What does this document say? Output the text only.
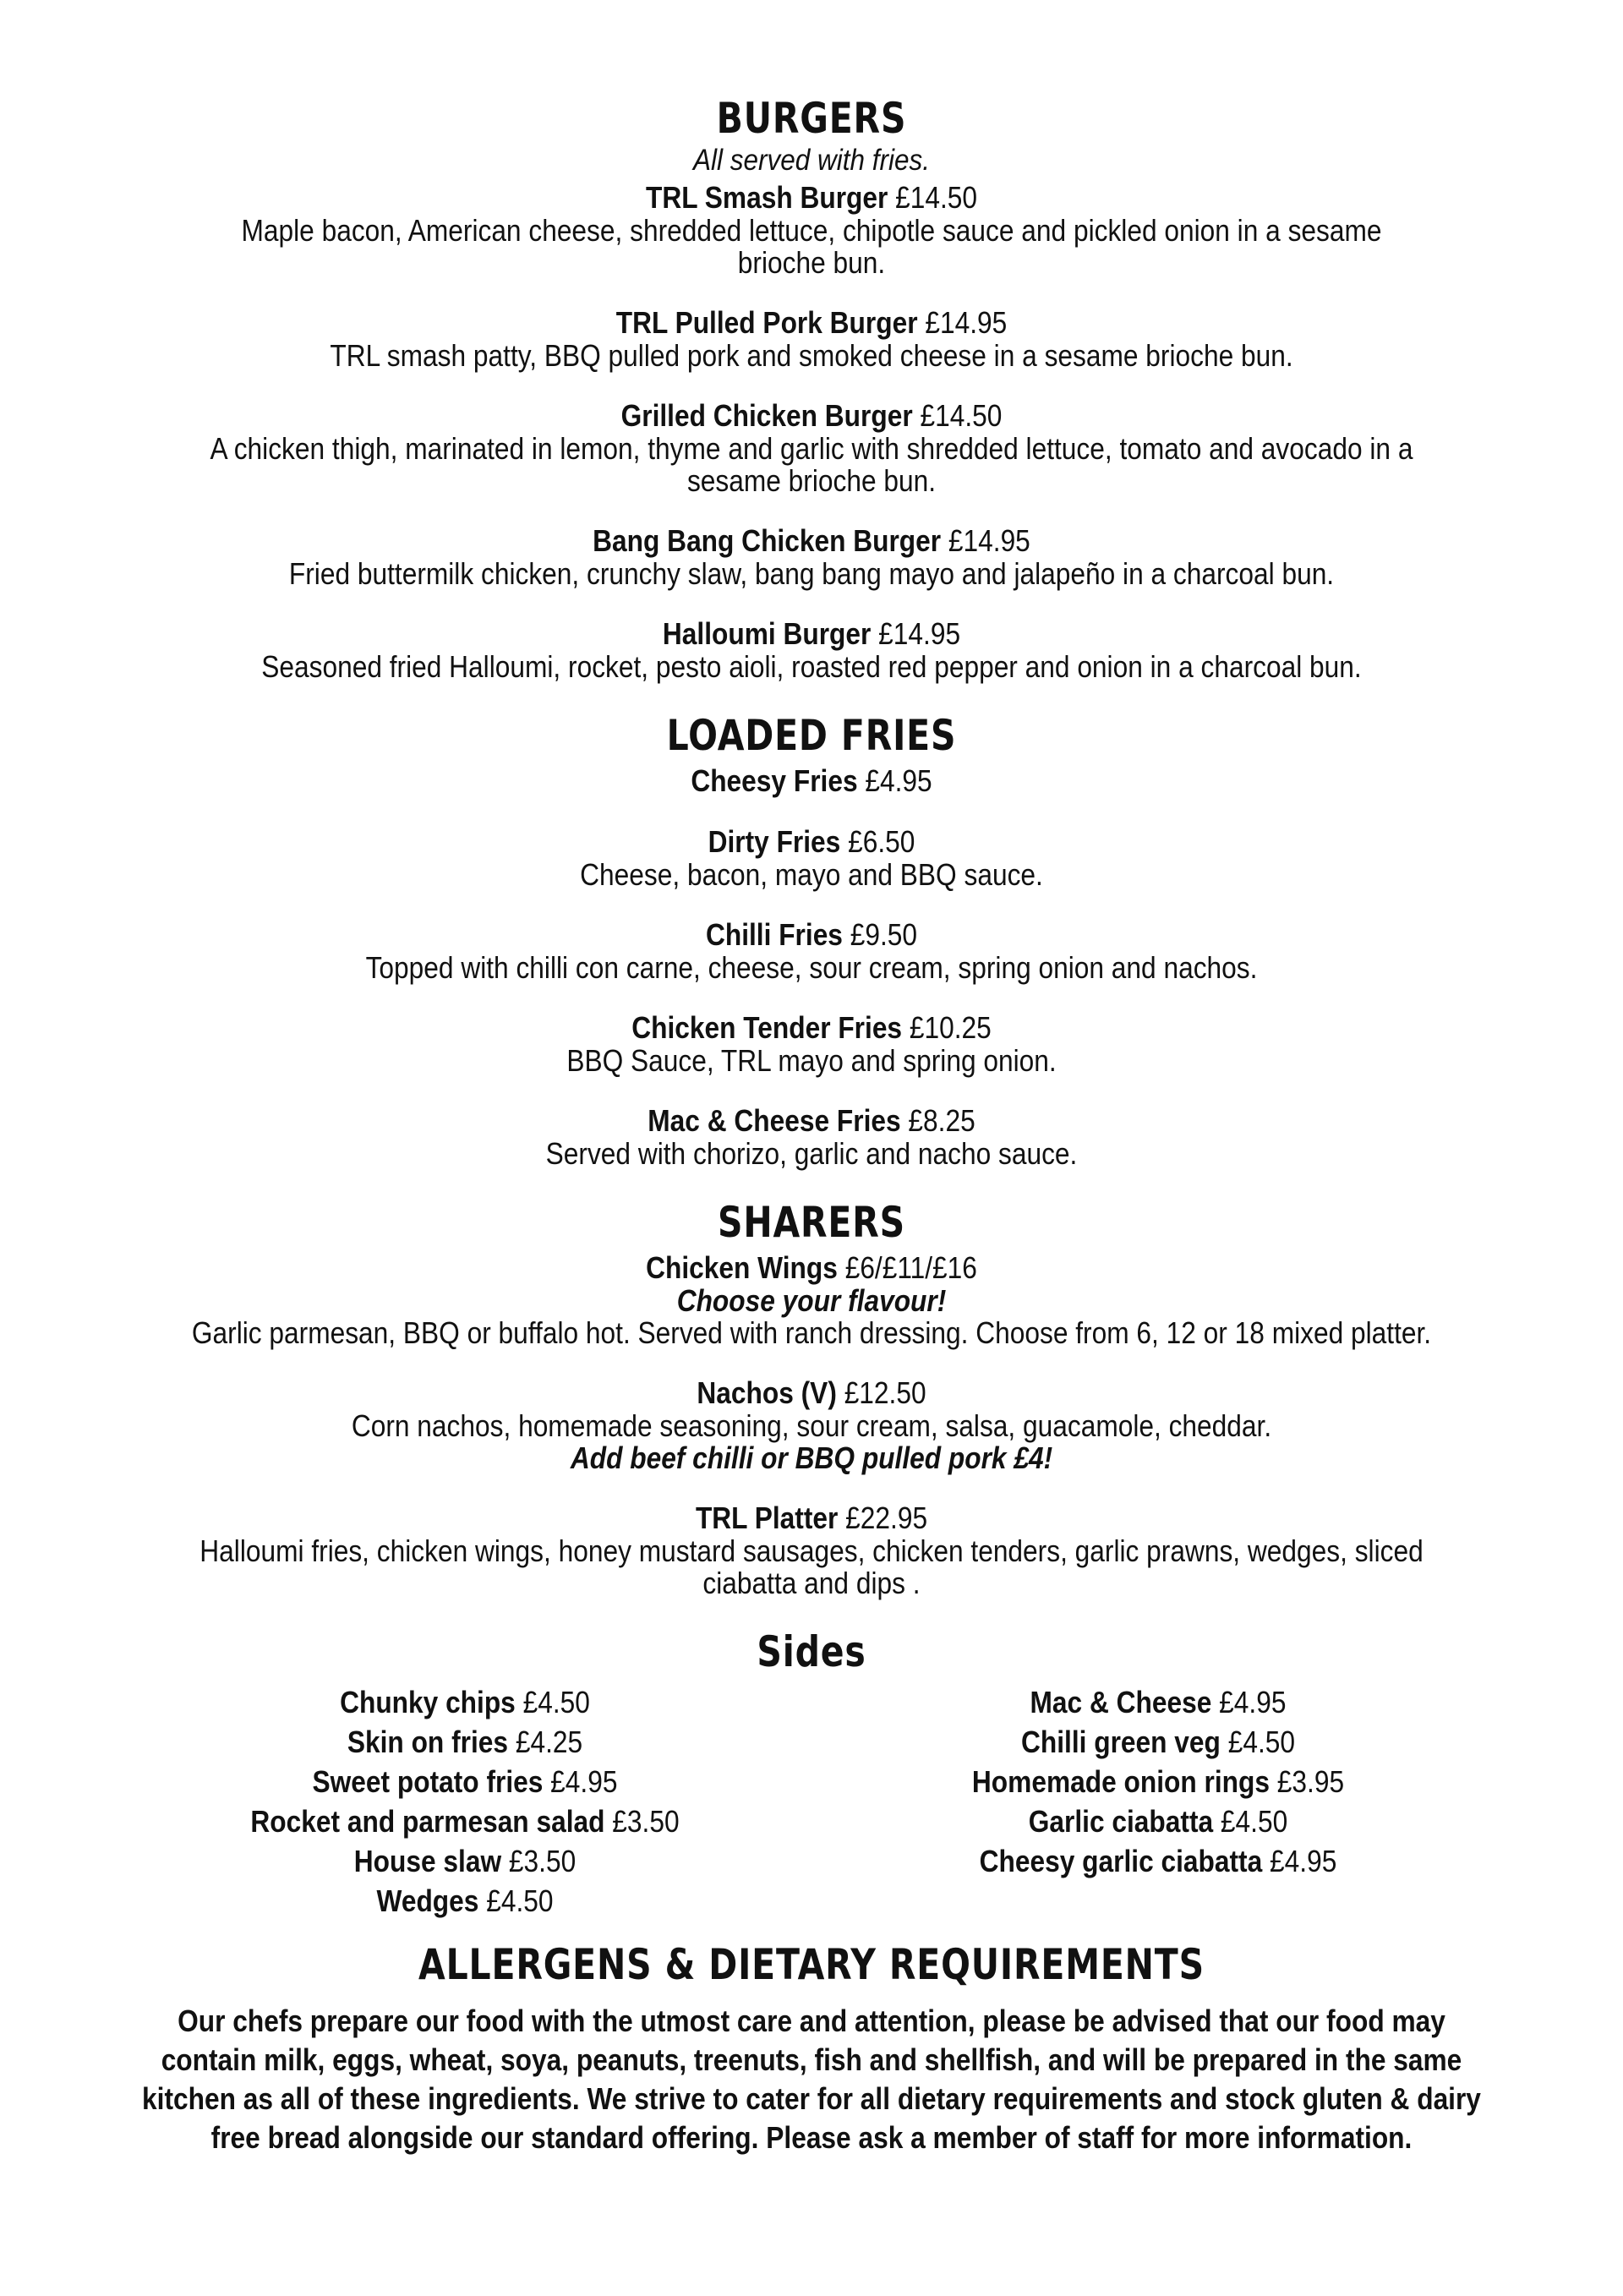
BURGERS
All served with fries.
TRL Smash Burger £14.50
Maple bacon, American cheese, shredded lettuce, chipotle sauce and pickled onion in a sesame brioche bun.
TRL Pulled Pork Burger £14.95
TRL smash patty, BBQ pulled pork and smoked cheese in a sesame brioche bun.
Grilled Chicken Burger £14.50
A chicken thigh, marinated in lemon, thyme and garlic with shredded lettuce, tomato and avocado in a sesame brioche bun.
Bang Bang Chicken Burger £14.95
Fried buttermilk chicken, crunchy slaw, bang bang mayo and jalapeño in a charcoal bun.
Halloumi Burger £14.95
Seasoned fried Halloumi, rocket, pesto aioli, roasted red pepper and onion in a charcoal bun.
LOADED FRIES
Cheesy Fries £4.95
Dirty Fries £6.50
Cheese, bacon, mayo and BBQ sauce.
Chilli Fries £9.50
Topped with chilli con carne, cheese, sour cream, spring onion and nachos.
Chicken Tender Fries £10.25
BBQ Sauce, TRL mayo and spring onion.
Mac & Cheese Fries £8.25
Served with chorizo, garlic and nacho sauce.
SHARERS
Chicken Wings £6/£11/£16
Choose your flavour!
Garlic parmesan, BBQ or buffalo hot. Served with ranch dressing. Choose from 6, 12 or 18 mixed platter.
Nachos (V) £12.50
Corn nachos, homemade seasoning, sour cream, salsa, guacamole, cheddar.
Add beef chilli or BBQ pulled pork £4!
TRL Platter £22.95
Halloumi fries, chicken wings, honey mustard sausages, chicken tenders, garlic prawns, wedges, sliced ciabatta and dips .
Sides
Chunky chips £4.50
Skin on fries £4.25
Sweet potato fries £4.95
Rocket and parmesan salad £3.50
House slaw £3.50
Wedges £4.50
Mac & Cheese £4.95
Chilli green veg £4.50
Homemade onion rings £3.95
Garlic ciabatta £4.50
Cheesy garlic ciabatta £4.95
ALLERGENS & DIETARY REQUIREMENTS
Our chefs prepare our food with the utmost care and attention, please be advised that our food may contain milk, eggs, wheat, soya, peanuts, treenuts, fish and shellfish, and will be prepared in the same kitchen as all of these ingredients. We strive to cater for all dietary requirements and stock gluten & dairy free bread alongside our standard offering. Please ask a member of staff for more information.
